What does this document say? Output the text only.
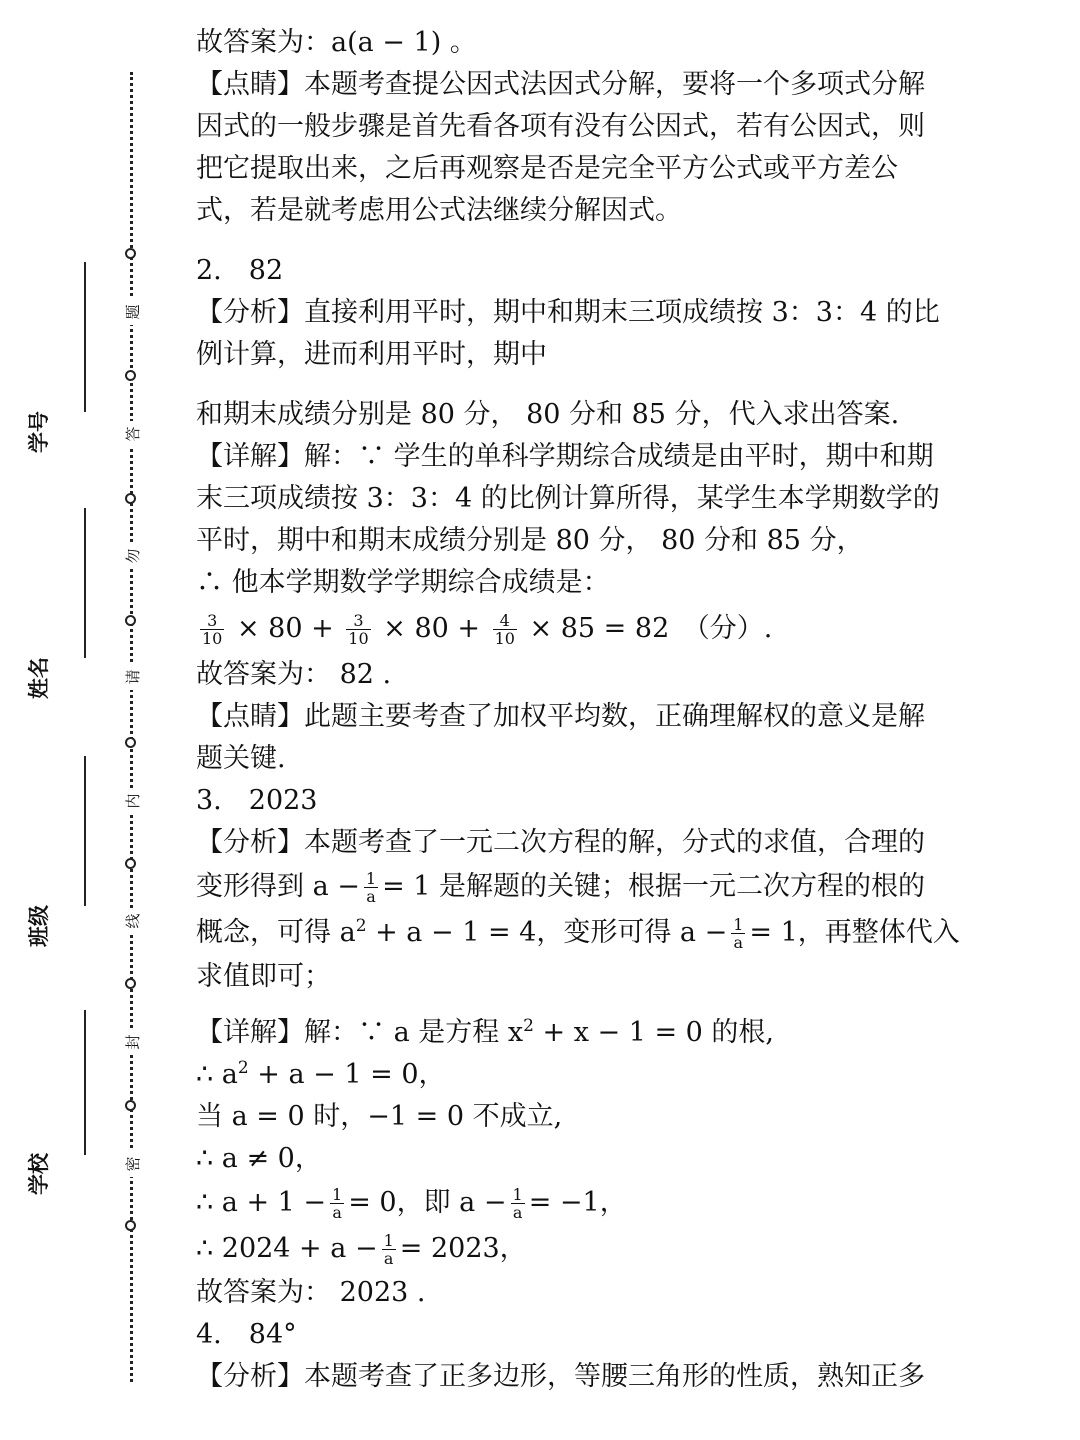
题
答
勿
请
内
线
封
密
学号
姓名
班级
学校
故答案为：a(a − 1) 。
【点睛】本题考查提公因式法因式分解，要将一个多项式分解
因式的一般步骤是首先看各项有没有公因式，若有公因式，则
把它提取出来，之后再观察是否是完全平方公式或平方差公
式，若是就考虑用公式法继续分解因式。
2.　82
【分析】直接利用平时，期中和期末三项成绩按 3：3：4 的比
例计算，进而利用平时，期中
和期末成绩分别是 80 分， 80 分和 85 分，代入求出答案.
【详解】解：∵ 学生的单科学期综合成绩是由平时，期中和期
末三项成绩按 3：3：4 的比例计算所得，某学生本学期数学的
平时，期中和期末成绩分别是 80 分， 80 分和 85 分，
∴ 他本学期数学学期综合成绩是：
$\frac{3}{10} \times 80 + \frac{3}{10} \times 80 + \frac{4}{10} \times 85 = 82$　（分）.
故答案为： 82 .
【点睛】此题主要考查了加权平均数，正确理解权的意义是解
题关键.
3.　2023
【分析】本题考查了一元二次方程的解，分式的求值，合理的
变形得到 $a - \frac{1}{a} = 1$ 是解题的关键；根据一元二次方程的根的
概念，可得 $a^2 + a - 1 = 4$，变形可得 $a - \frac{1}{a} = 1$，再整体代入
求值即可；
【详解】解：∵ a 是方程 $x^2 + x - 1 = 0$ 的根,
∴ $a^2 + a - 1 = 0$，
当 a = 0 时，−1 = 0 不成立,
∴ a ≠ 0，
∴ $a + 1 - \frac{1}{a} = 0$，即 $a - \frac{1}{a} = -1$，
∴ $2024 + a - \frac{1}{a} = 2023$，
故答案为： 2023 .
4.　84°
【分析】本题考查了正多边形，等腰三角形的性质，熟知正多
